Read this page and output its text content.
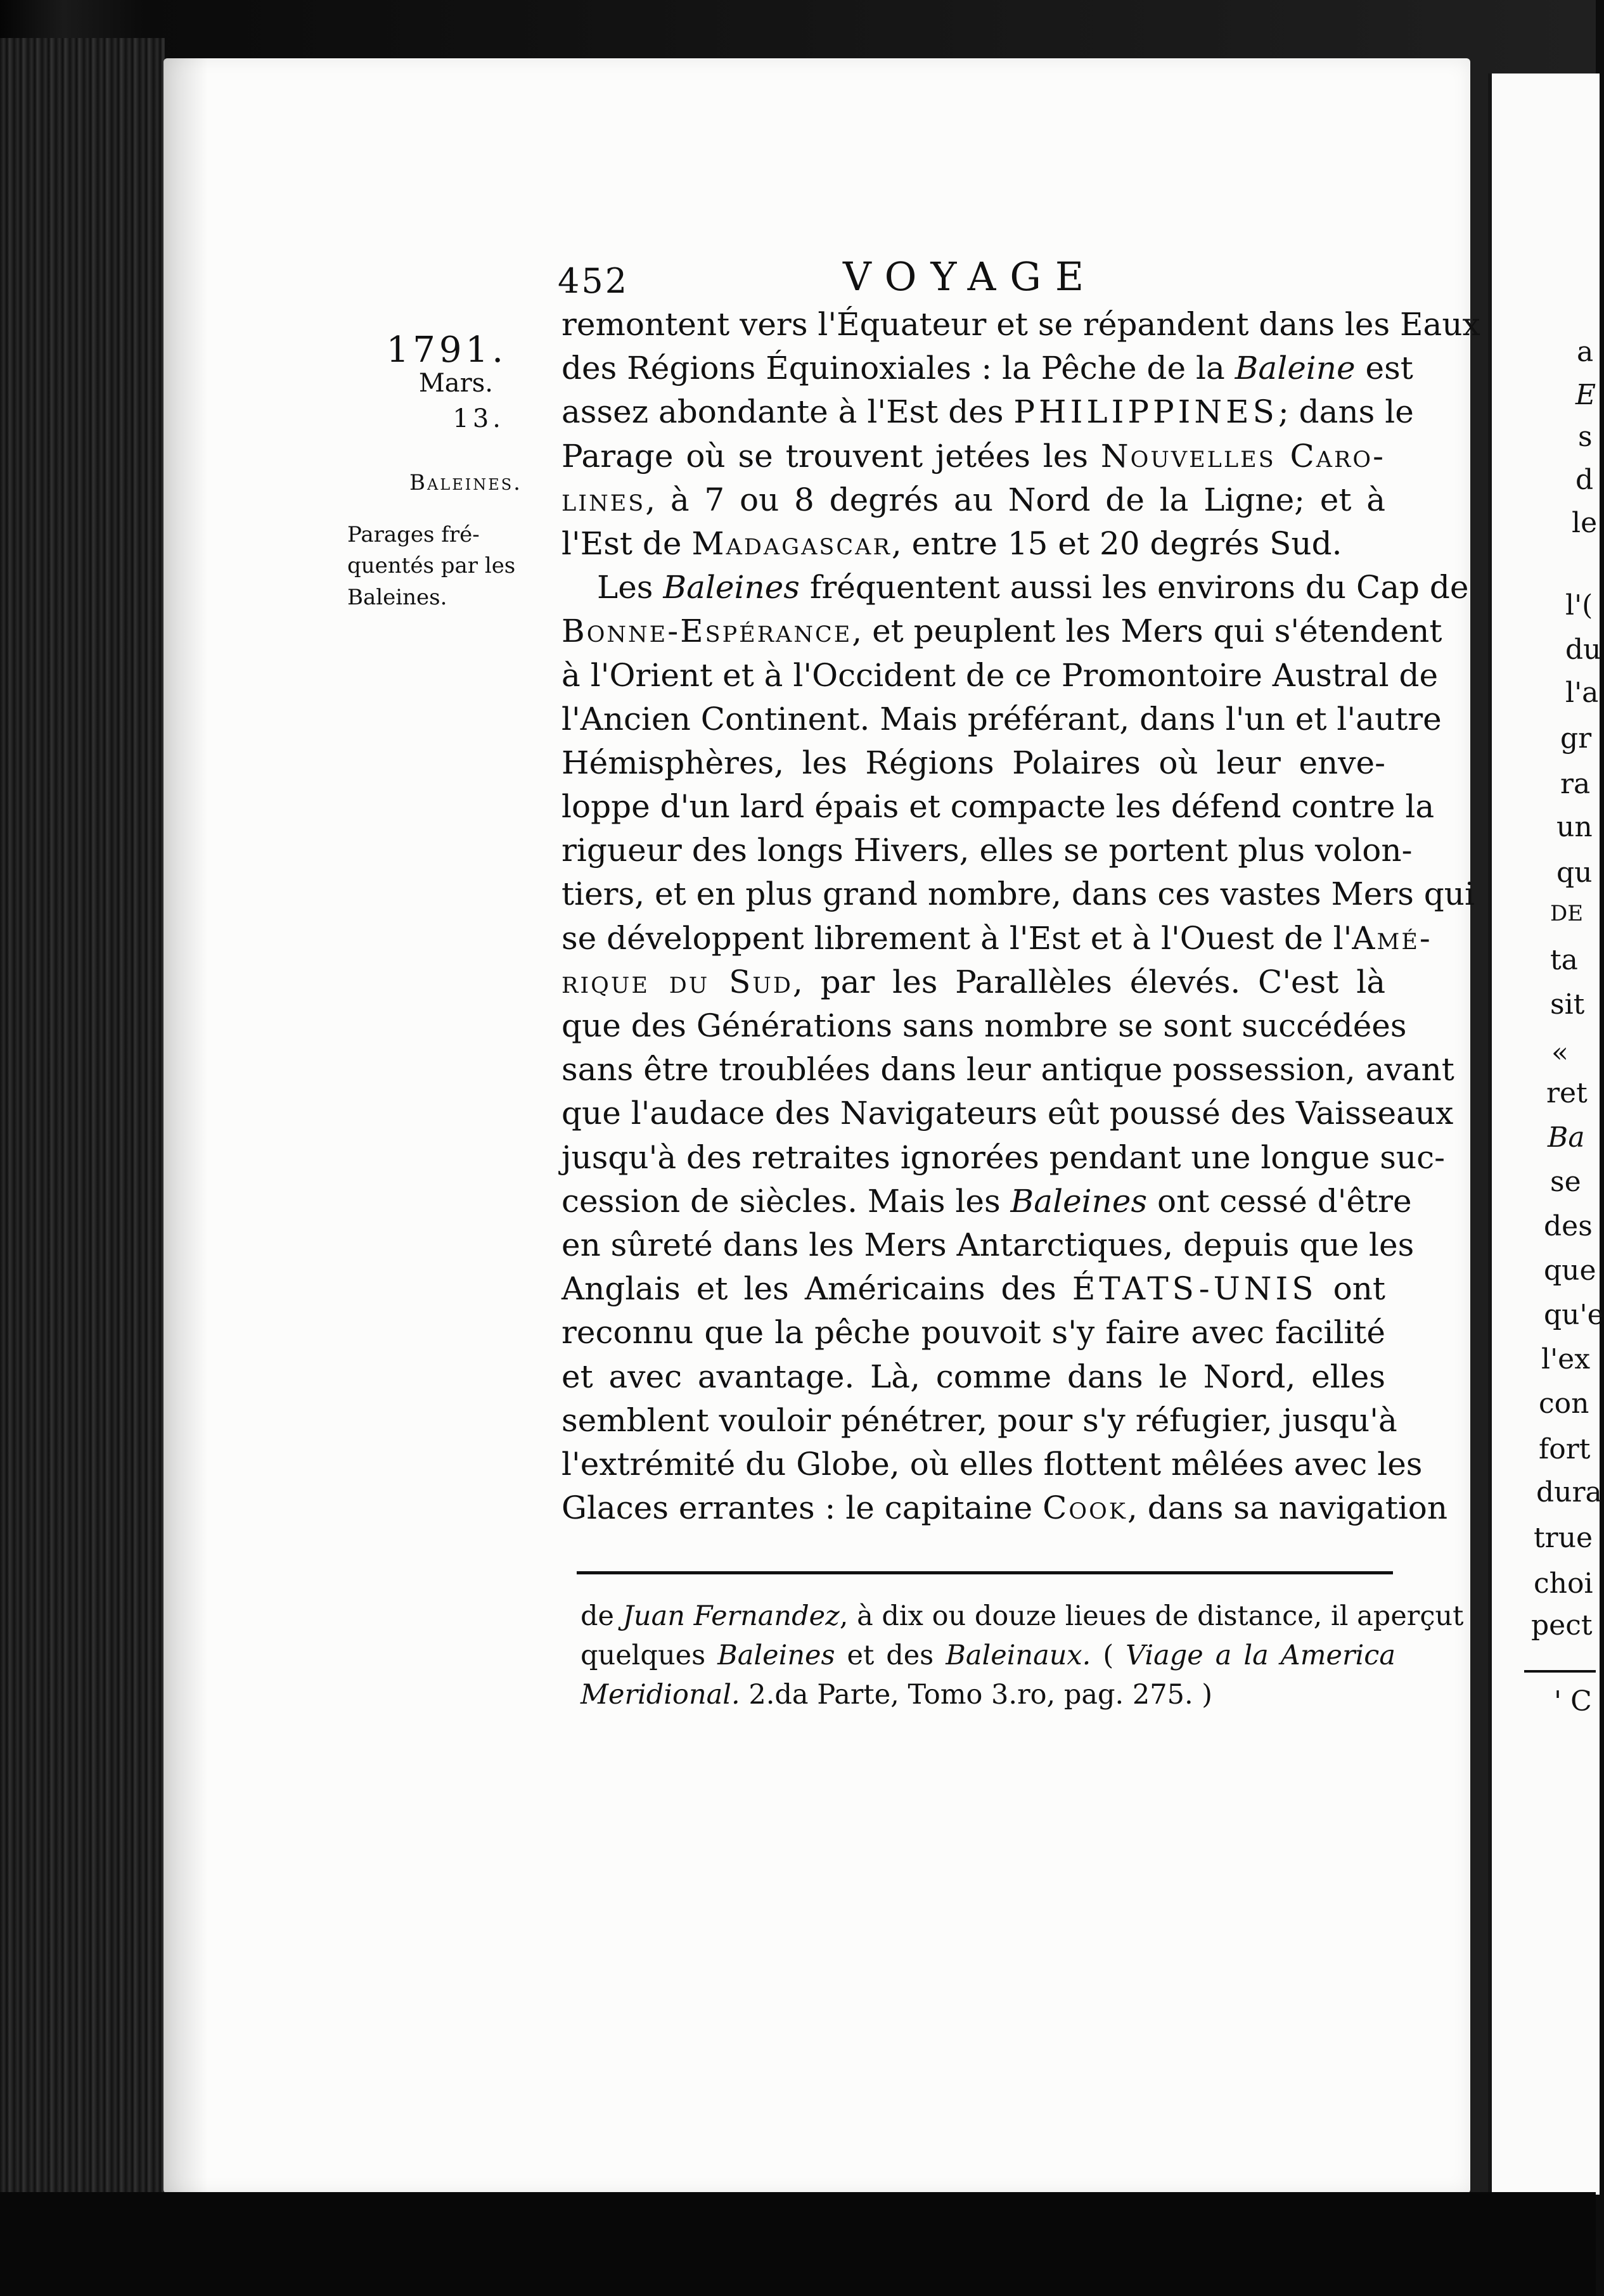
452	VOYAGE
1791.
Mars.
13.
Baleines.
Parages fré-
quentés par les
Baleines.
remontent vers l'Équateur et se répandent dans les Eaux
des Régions Équinoxiales : la Pêche de la Baleine est
assez abondante à l'Est des PHILIPPINES; dans le
Parage où se trouvent jetées les Nouvelles Caro-
lines, à 7 ou 8 degrés au Nord de la Ligne; et à
l'Est de Madagascar, entre 15 et 20 degrés Sud.
Les Baleines fréquentent aussi les environs du Cap de
Bonne-Espérance, et peuplent les Mers qui s'étendent
à l'Orient et à l'Occident de ce Promontoire Austral de
l'Ancien Continent. Mais préférant, dans l'un et l'autre
Hémisphères, les Régions Polaires où leur enve-
loppe d'un lard épais et compacte les défend contre la
rigueur des longs Hivers, elles se portent plus volon-
tiers, et en plus grand nombre, dans ces vastes Mers qui
se développent librement à l'Est et à l'Ouest de l'Amé-
rique du Sud, par les Parallèles élevés. C'est là
que des Générations sans nombre se sont succédées
sans être troublées dans leur antique possession, avant
que l'audace des Navigateurs eût poussé des Vaisseaux
jusqu'à des retraites ignorées pendant une longue suc-
cession de siècles. Mais les Baleines ont cessé d'être
en sûreté dans les Mers Antarctiques, depuis que les
Anglais et les Américains des ÉTATS-UNIS ont
reconnu que la pêche pouvoit s'y faire avec facilité
et avec avantage. Là, comme dans le Nord, elles
semblent vouloir pénétrer, pour s'y réfugier, jusqu'à
l'extrémité du Globe, où elles flottent mêlées avec les
Glaces errantes : le capitaine Cook, dans sa navigation
de Juan Fernandez, à dix ou douze lieues de distance, il aperçut
quelques Baleines et des Baleinaux. ( Viage a la America
Meridional. 2.da Parte, Tomo 3.ro, pag. 275. )
a
E
s
d
le
l'(
du
l'a
gr
ra
un
qu
DE
ta
sit
«
ret
Ba
se
des
que
qu'e
l'ex
con
fort
dura
true
choi
pect
' C
